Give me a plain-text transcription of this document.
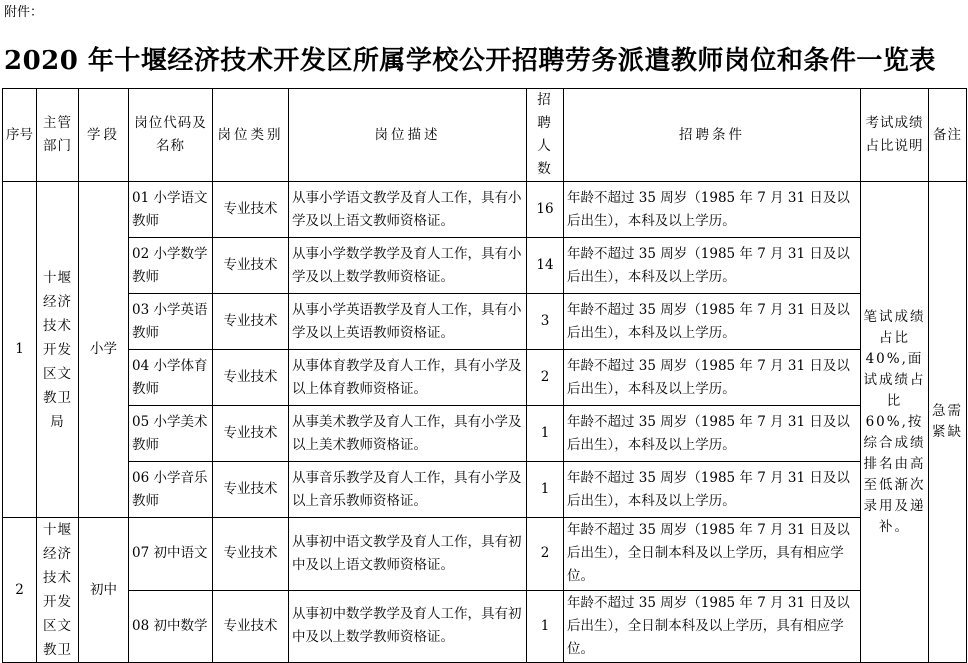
附件：
2020 年十堰经济技术开发区所属学校公开招聘劳务派遣教师岗位和条件一览表
序号	主管部门	学段	岗位代码及名称	岗位类别	岗位描述	招聘人数	招聘条件	考试成绩占比说明	备注
1	十堰经济技术开发区文教卫局	小学	01 小学语文教师	专业技术	从事小学语文教学及育人工作，具有小学及以上语文教师资格证。	16	年龄不超过 35 周岁（1985 年 7 月 31 日及以后出生），本科及以上学历。	笔试成绩占比 40%,面试成绩占比 60%,按综合成绩排名由高至低渐次录用及递补。	急需紧缺
			02 小学数学教师	专业技术	从事小学数学教学及育人工作，具有小学及以上数学教师资格证。	14	年龄不超过 35 周岁（1985 年 7 月 31 日及以后出生），本科及以上学历。		
			03 小学英语教师	专业技术	从事小学英语教学及育人工作，具有小学及以上英语教师资格证。	3	年龄不超过 35 周岁（1985 年 7 月 31 日及以后出生），本科及以上学历。		
			04 小学体育教师	专业技术	从事体育教学及育人工作，具有小学及以上体育教师资格证。	2	年龄不超过 35 周岁（1985 年 7 月 31 日及以后出生），本科及以上学历。		
			05 小学美术教师	专业技术	从事美术教学及育人工作，具有小学及以上美术教师资格证。	1	年龄不超过 35 周岁（1985 年 7 月 31 日及以后出生），本科及以上学历。		
			06 小学音乐教师	专业技术	从事音乐教学及育人工作，具有小学及以上音乐教师资格证。	1	年龄不超过 35 周岁（1985 年 7 月 31 日及以后出生），本科及以上学历。		
2	十堰经济技术开发区文教卫	初中	07 初中语文	专业技术	从事初中语文教学及育人工作，具有初中及以上语文教师资格证。	2	年龄不超过 35 周岁（1985 年 7 月 31 日及以后出生），全日制本科及以上学历，具有相应学位。		
			08 初中数学	专业技术	从事初中数学教学及育人工作，具有初中及以上数学教师资格证。	1	年龄不超过 35 周岁（1985 年 7 月 31 日及以后出生），全日制本科及以上学历，具有相应学位。		
